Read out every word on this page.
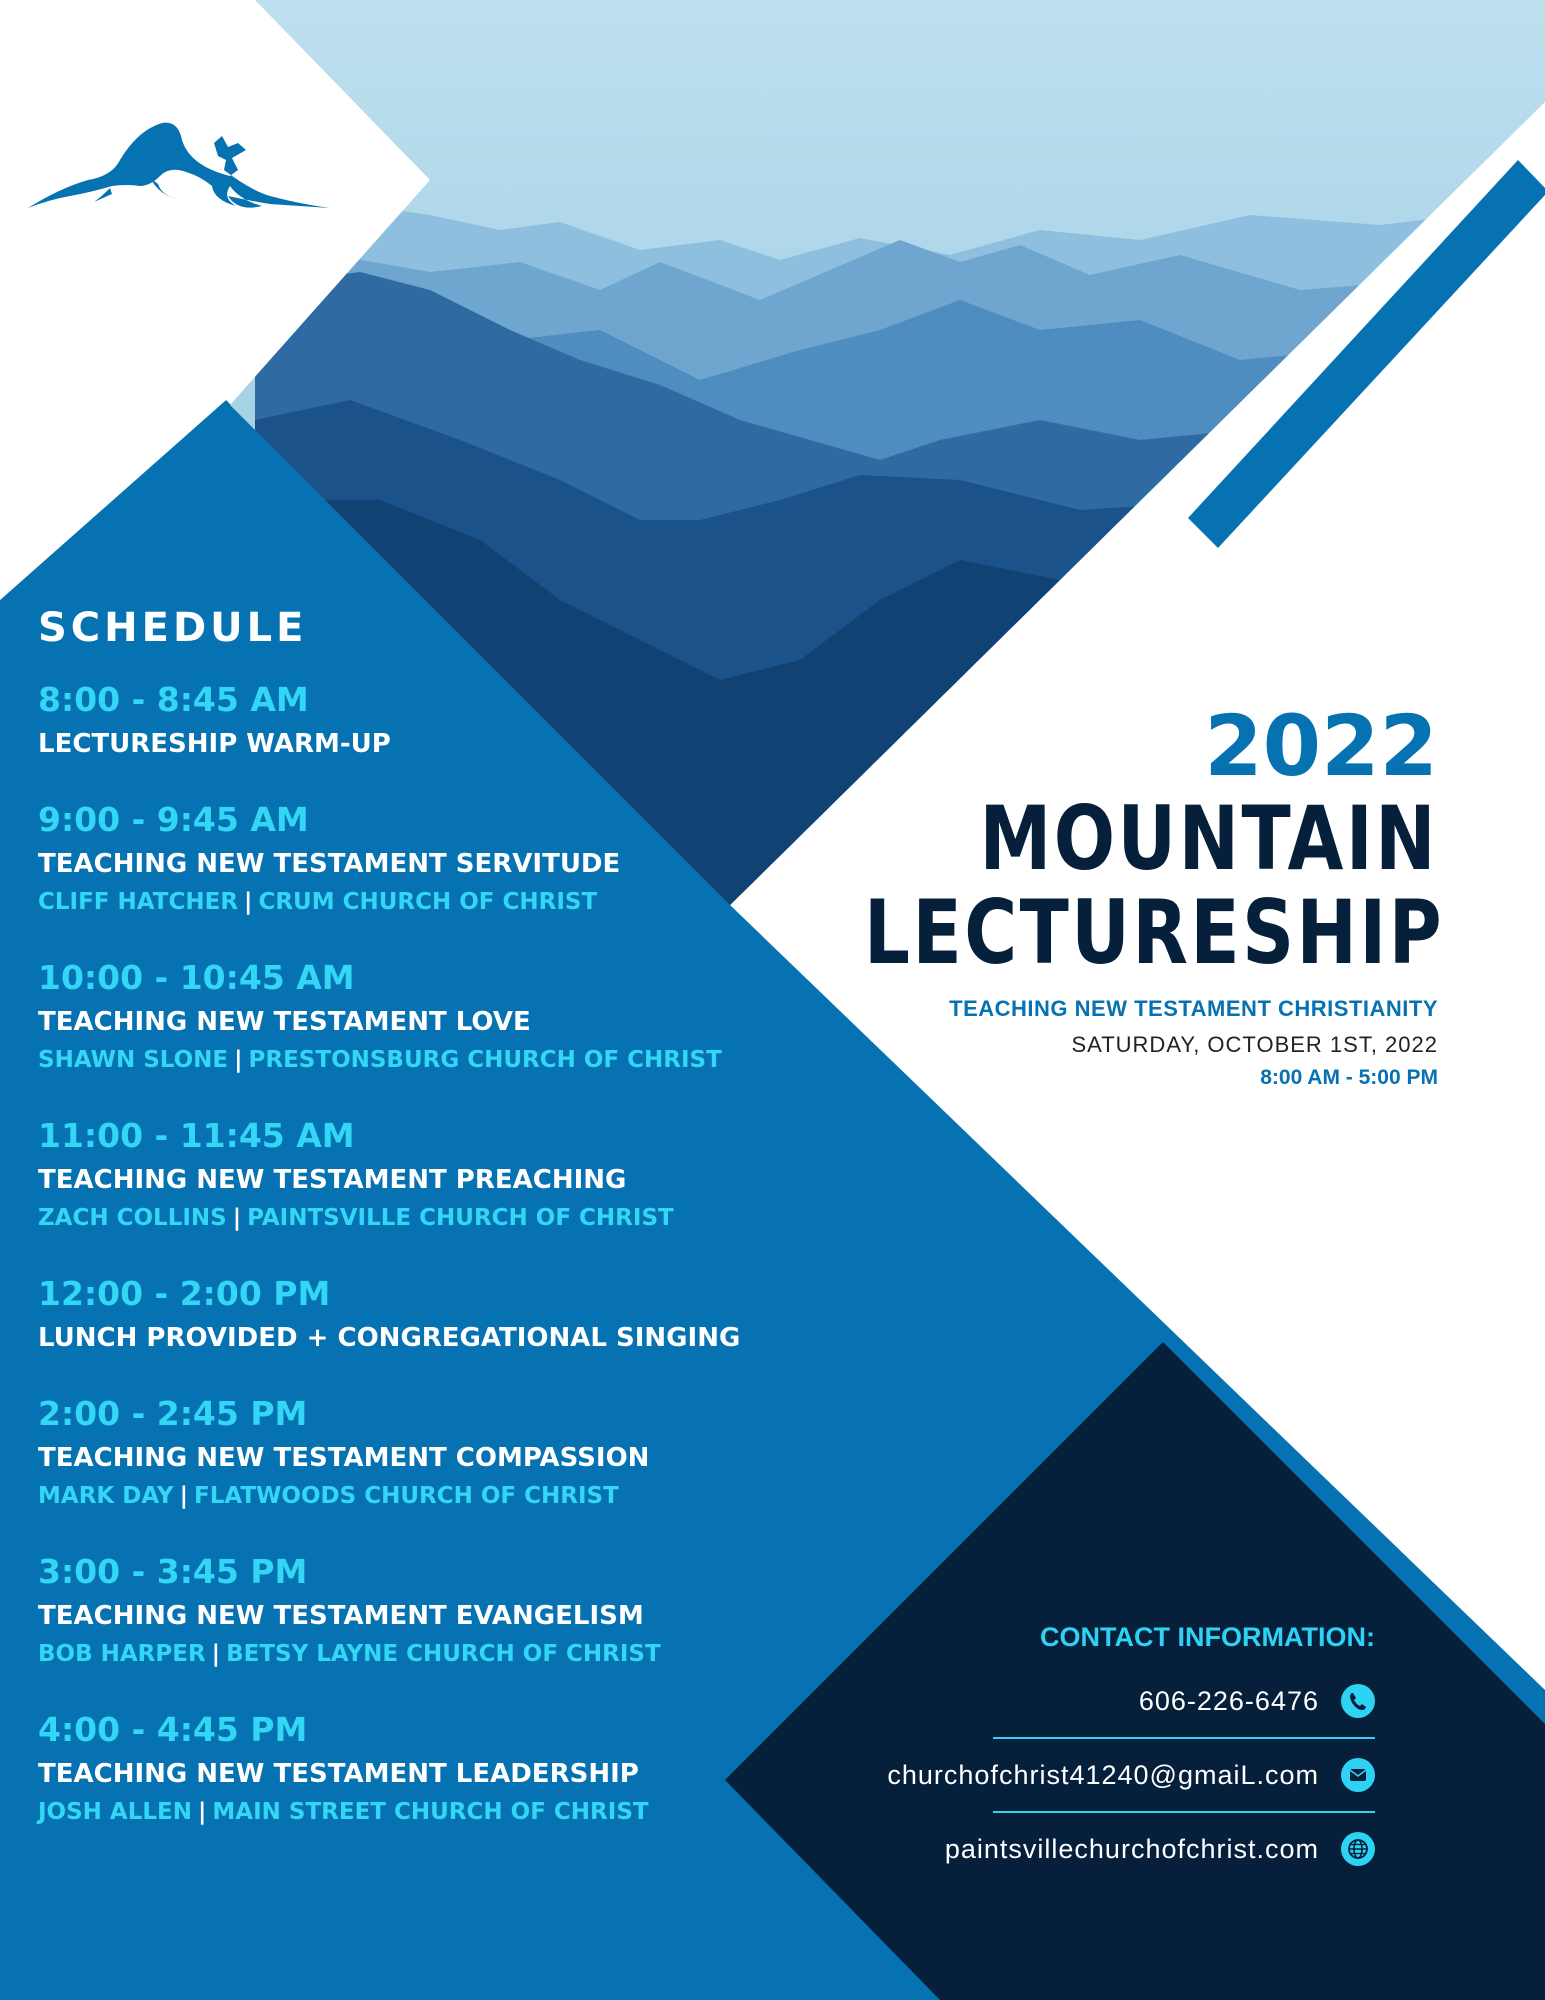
SCHEDULE
8:00 - 8:45 AM
LECTURESHIP WARM-UP
9:00 - 9:45 AM
TEACHING NEW TESTAMENT SERVITUDE
CLIFF HATCHER | CRUM CHURCH OF CHRIST
10:00 - 10:45 AM
TEACHING NEW TESTAMENT LOVE
SHAWN SLONE | PRESTONSBURG CHURCH OF CHRIST
11:00 - 11:45 AM
TEACHING NEW TESTAMENT PREACHING
ZACH COLLINS | PAINTSVILLE CHURCH OF CHRIST
12:00 - 2:00 PM
LUNCH PROVIDED + CONGREGATIONAL SINGING
2:00 - 2:45 PM
TEACHING NEW TESTAMENT COMPASSION
MARK DAY | FLATWOODS CHURCH OF CHRIST
3:00 - 3:45 PM
TEACHING NEW TESTAMENT EVANGELISM
BOB HARPER | BETSY LAYNE CHURCH OF CHRIST
4:00 - 4:45 PM
TEACHING NEW TESTAMENT LEADERSHIP
JOSH ALLEN | MAIN STREET CHURCH OF CHRIST
2022
MOUNTAIN
LECTURESHIP
TEACHING NEW TESTAMENT CHRISTIANITY
SATURDAY, OCTOBER 1ST, 2022
8:00 AM - 5:00 PM
CONTACT INFORMATION:
606-226-6476
churchofchrist41240@gmaiL.com
paintsvillechurchofchrist.com
